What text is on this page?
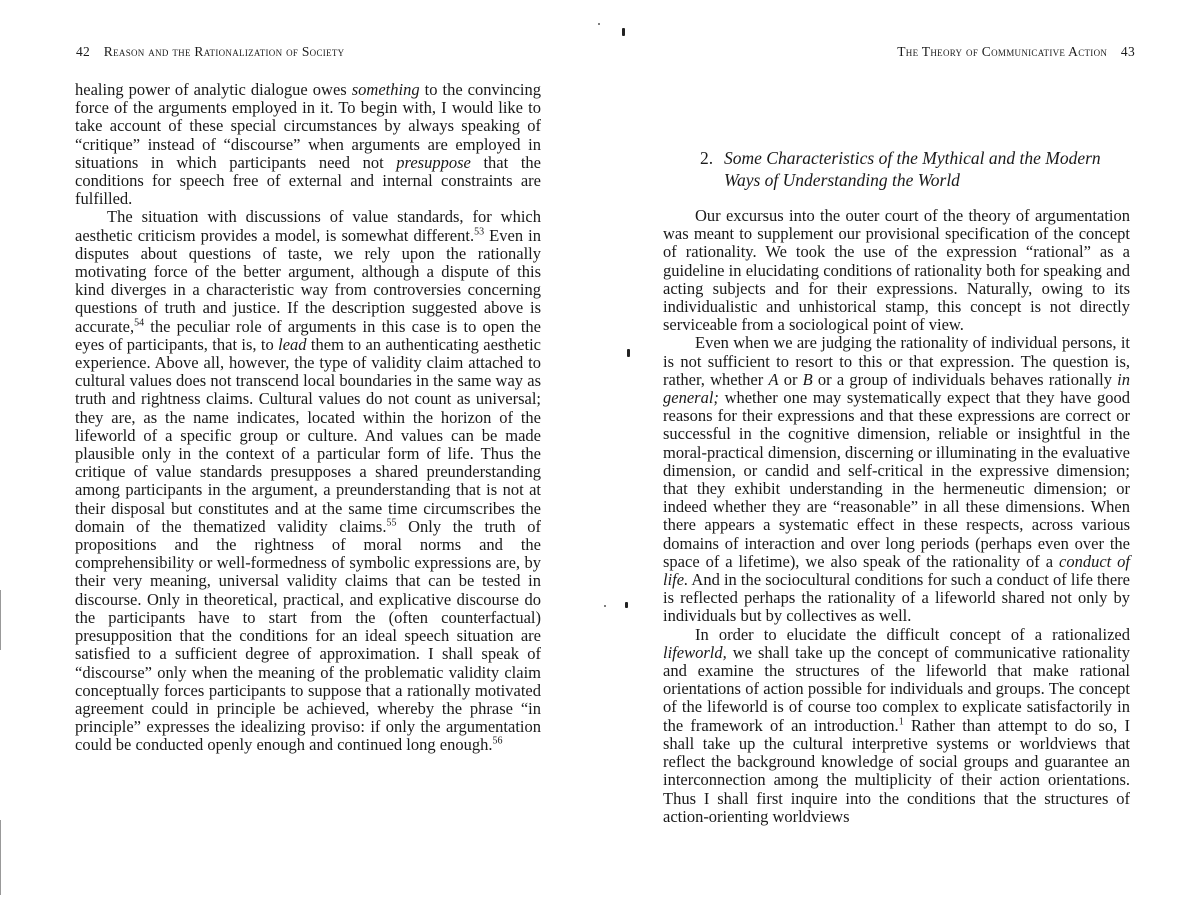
42 Reason and the Rationalization of Society

healing power of analytic dialogue owes something to the convincing force of the arguments employed in it. To begin with, I would like to take account of these special circumstances by always speaking of “critique” instead of “discourse” when arguments are employed in situations in which participants need not presuppose that the conditions for speech free of external and internal constraints are fulfilled.

The situation with discussions of value standards, for which aesthetic criticism provides a model, is somewhat different.$^{53}$ Even in disputes about questions of taste, we rely upon the rationally motivating force of the better argument, although a dispute of this kind diverges in a characteristic way from controversies concerning questions of truth and justice. If the description suggested above is accurate,$^{54}$ the peculiar role of arguments in this case is to open the eyes of participants, that is, to lead them to an authenticating aesthetic experience. Above all, however, the type of validity claim attached to cultural values does not transcend local boundaries in the same way as truth and rightness claims. Cultural values do not count as universal; they are, as the name indicates, located within the horizon of the lifeworld of a specific group or culture. And values can be made plausible only in the context of a particular form of life. Thus the critique of value standards presupposes a shared preunderstanding among participants in the argument, a preunderstanding that is not at their disposal but constitutes and at the same time circumscribes the domain of the thematized validity claims.$^{55}$ Only the truth of propositions and the rightness of moral norms and the comprehensibility or well-formedness of symbolic expressions are, by their very meaning, universal validity claims that can be tested in discourse. Only in theoretical, practical, and explicative discourse do the participants have to start from the (often counterfactual) presupposition that the conditions for an ideal speech situation are satisfied to a sufficient degree of approximation. I shall speak of “discourse” only when the meaning of the problematic validity claim conceptually forces participants to suppose that a rationally motivated agreement could in principle be achieved, whereby the phrase “in principle” expresses the idealizing proviso: if only the argumentation could be conducted openly enough and continued long enough.$^{56}$

The Theory of Communicative Action 43
2. Some Characteristics of the Mythical and the Modern
Ways of Understanding the World

Our excursus into the outer court of the theory of argumentation was meant to supplement our provisional specification of the concept of rationality. We took the use of the expression “rational” as a guideline in elucidating conditions of rationality both for speaking and acting subjects and for their expressions. Naturally, owing to its individualistic and unhistorical stamp, this concept is not directly serviceable from a sociological point of view.

Even when we are judging the rationality of individual persons, it is not sufficient to resort to this or that expression. The question is, rather, whether A or B or a group of individuals behaves rationally in general; whether one may systematically expect that they have good reasons for their expressions and that these expressions are correct or successful in the cognitive dimension, reliable or insightful in the moral-practical dimension, discerning or illuminating in the evaluative dimension, or candid and self-critical in the expressive dimension; that they exhibit understanding in the hermeneutic dimension; or indeed whether they are “reasonable” in all these dimensions. When there appears a systematic effect in these respects, across various domains of interaction and over long periods (perhaps even over the space of a lifetime), we also speak of the rationality of a conduct of life. And in the sociocultural conditions for such a conduct of life there is reflected perhaps the rationality of a lifeworld shared not only by individuals but by collectives as well.

In order to elucidate the difficult concept of a rationalized lifeworld, we shall take up the concept of communicative rationality and examine the structures of the lifeworld that make rational orientations of action possible for individuals and groups. The concept of the lifeworld is of course too complex to explicate satisfactorily in the framework of an introduction.$^1$ Rather than attempt to do so, I shall take up the cultural interpretive systems or worldviews that reflect the background knowledge of social groups and guarantee an interconnection among the multiplicity of their action orientations. Thus I shall first inquire into the conditions that the structures of action-orienting worldviews
